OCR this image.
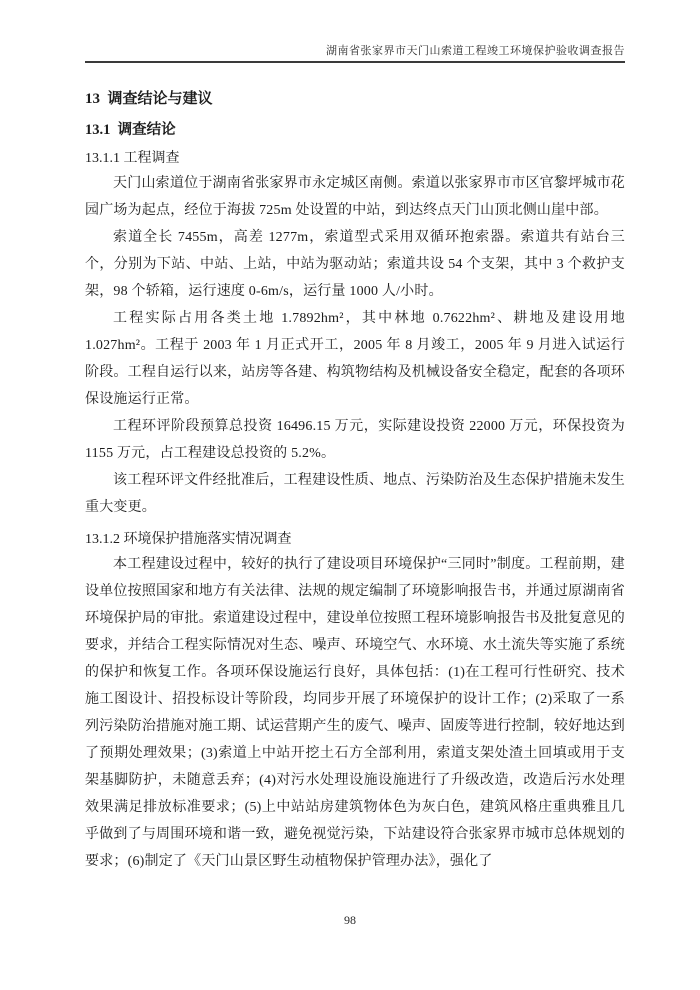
湖南省张家界市天门山索道工程竣工环境保护验收调查报告
13  调查结论与建议
13.1  调查结论
13.1.1 工程调查

天门山索道位于湖南省张家界市永定城区南侧。索道以张家界市市区官黎坪城市花园广场为起点，经位于海拔 725m 处设置的中站，到达终点天门山顶北侧山崖中部。

索道全长 7455m，高差 1277m，索道型式采用双循环抱索器。索道共有站台三个，分别为下站、中站、上站，中站为驱动站；索道共设 54 个支架，其中 3 个救护支架，98 个轿箱，运行速度 0-6m/s，运行量 1000 人/小时。

工程实际占用各类土地 1.7892hm²，其中林地 0.7622hm²、耕地及建设用地 1.027hm²。工程于 2003 年 1 月正式开工，2005 年 8 月竣工，2005 年 9 月进入试运行阶段。工程自运行以来，站房等各建、构筑物结构及机械设备安全稳定，配套的各项环保设施运行正常。

工程环评阶段预算总投资 16496.15 万元，实际建设投资 22000 万元，环保投资为 1155 万元，占工程建设总投资的 5.2%。

该工程环评文件经批准后，工程建设性质、地点、污染防治及生态保护措施未发生重大变更。

13.1.2 环境保护措施落实情况调查

本工程建设过程中，较好的执行了建设项目环境保护“三同时”制度。工程前期，建设单位按照国家和地方有关法律、法规的规定编制了环境影响报告书，并通过原湖南省环境保护局的审批。索道建设过程中，建设单位按照工程环境影响报告书及批复意见的要求，并结合工程实际情况对生态、噪声、环境空气、水环境、水土流失等实施了系统的保护和恢复工作。各项环保设施运行良好，具体包括：(1)在工程可行性研究、技术施工图设计、招投标设计等阶段，均同步开展了环境保护的设计工作；(2)采取了一系列污染防治措施对施工期、试运营期产生的废气、噪声、固废等进行控制，较好地达到了预期处理效果；(3)索道上中站开挖土石方全部利用，索道支架处渣土回填或用于支架基脚防护，未随意丢弃；(4)对污水处理设施设施进行了升级改造，改造后污水处理效果满足排放标准要求；(5)上中站站房建筑物体色为灰白色，建筑风格庄重典雅且几乎做到了与周围环境和谐一致，避免视觉污染，下站建设符合张家界市城市总体规划的要求；(6)制定了《天门山景区野生动植物保护管理办法》，强化了

98
